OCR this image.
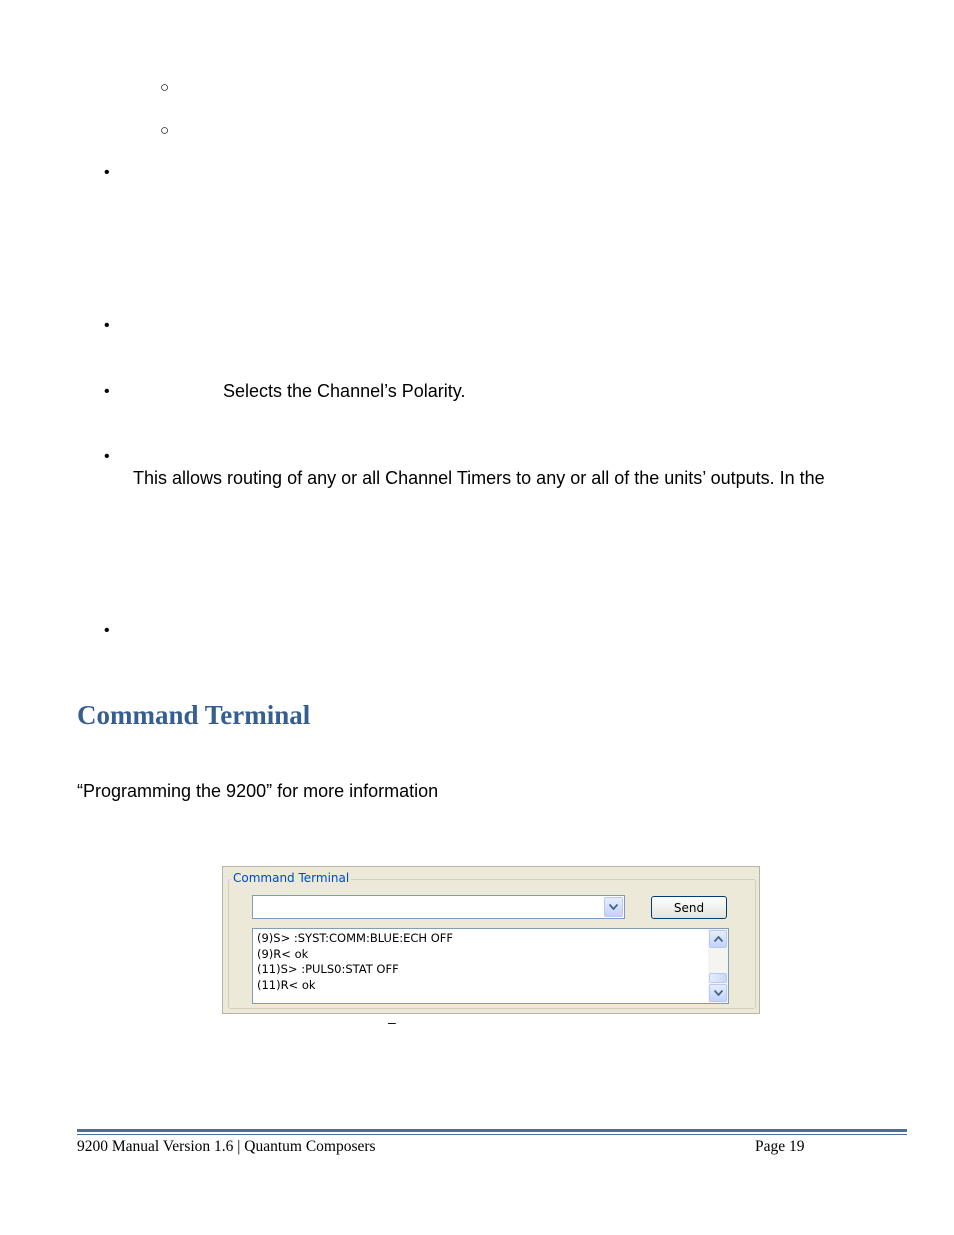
○
○
•
•
•	Selects the Channel’s Polarity.
•
This allows routing of any or all Channel Timers to any or all of the units’ outputs. In the
•
Command Terminal
“Programming the 9200” for more information
Command Terminal
Send
(9)S> :SYST:COMM:BLUE:ECH OFF
(9)R< ok
(11)S> :PULS0:STAT OFF
(11)R< ok
–
9200 Manual Version 1.6 | Quantum Composers	Page 19
